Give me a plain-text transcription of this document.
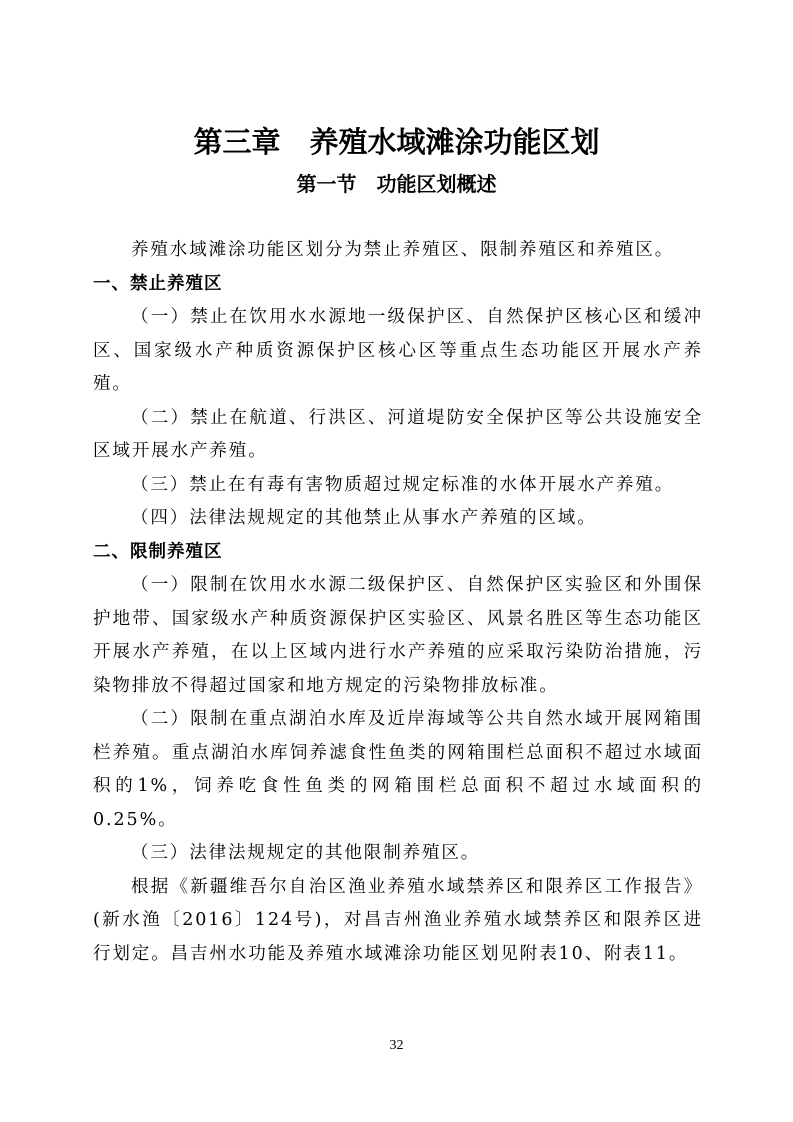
第三章　养殖水域滩涂功能区划
第一节　功能区划概述

养殖水域滩涂功能区划分为禁止养殖区、限制养殖区和养殖区。

一、禁止养殖区

（一）禁止在饮用水水源地一级保护区、自然保护区核心区和缓冲区、国家级水产种质资源保护区核心区等重点生态功能区开展水产养殖。

（二）禁止在航道、行洪区、河道堤防安全保护区等公共设施安全区域开展水产养殖。

（三）禁止在有毒有害物质超过规定标准的水体开展水产养殖。

（四）法律法规规定的其他禁止从事水产养殖的区域。

二、限制养殖区

（一）限制在饮用水水源二级保护区、自然保护区实验区和外围保护地带、国家级水产种质资源保护区实验区、风景名胜区等生态功能区开展水产养殖，在以上区域内进行水产养殖的应采取污染防治措施，污染物排放不得超过国家和地方规定的污染物排放标准。

（二）限制在重点湖泊水库及近岸海域等公共自然水域开展网箱围栏养殖。重点湖泊水库饲养滤食性鱼类的网箱围栏总面积不超过水域面积的1%，饲养吃食性鱼类的网箱围栏总面积不超过水域面积的0.25%。

（三）法律法规规定的其他限制养殖区。

根据《新疆维吾尔自治区渔业养殖水域禁养区和限养区工作报告》(新水渔〔2016〕124号)，对昌吉州渔业养殖水域禁养区和限养区进行划定。昌吉州水功能及养殖水域滩涂功能区划见附表10、附表11。

32
